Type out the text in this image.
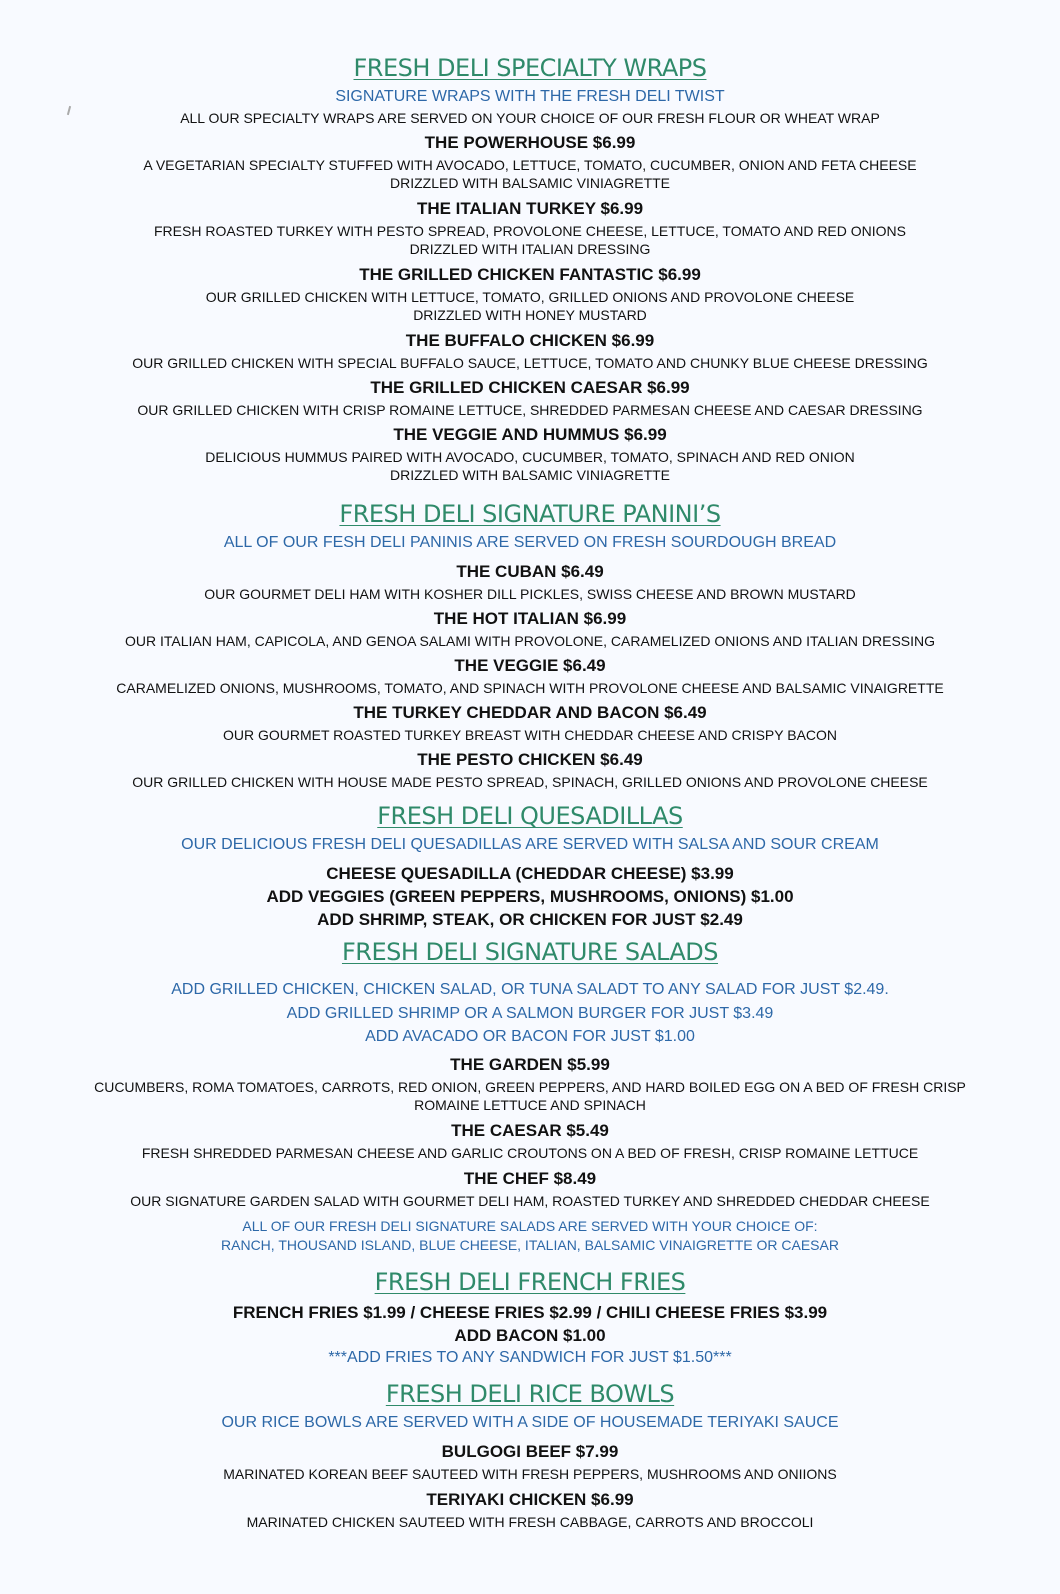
FRESH DELI SPECIALTY WRAPS
SIGNATURE WRAPS WITH THE FRESH DELI TWIST
ALL OUR SPECIALTY WRAPS ARE SERVED ON YOUR CHOICE OF OUR FRESH FLOUR OR WHEAT WRAP
THE POWERHOUSE $6.99
A VEGETARIAN SPECIALTY STUFFED WITH AVOCADO, LETTUCE, TOMATO, CUCUMBER, ONION AND FETA CHEESE
DRIZZLED WITH BALSAMIC VINIAGRETTE
THE ITALIAN TURKEY $6.99
FRESH ROASTED TURKEY WITH PESTO SPREAD, PROVOLONE CHEESE, LETTUCE, TOMATO AND RED ONIONS
DRIZZLED WITH ITALIAN DRESSING
THE GRILLED CHICKEN FANTASTIC $6.99
OUR GRILLED CHICKEN WITH LETTUCE, TOMATO, GRILLED ONIONS AND PROVOLONE CHEESE
DRIZZLED WITH HONEY MUSTARD
THE BUFFALO CHICKEN $6.99
OUR GRILLED CHICKEN WITH SPECIAL BUFFALO SAUCE, LETTUCE, TOMATO AND CHUNKY BLUE CHEESE DRESSING
THE GRILLED CHICKEN CAESAR $6.99
OUR GRILLED CHICKEN WITH CRISP ROMAINE LETTUCE, SHREDDED PARMESAN CHEESE AND CAESAR DRESSING
THE VEGGIE AND HUMMUS $6.99
DELICIOUS HUMMUS PAIRED WITH AVOCADO, CUCUMBER, TOMATO, SPINACH AND RED ONION
DRIZZLED WITH BALSAMIC VINIAGRETTE
FRESH DELI SIGNATURE PANINI’S
ALL OF OUR FESH DELI PANINIS ARE SERVED ON FRESH SOURDOUGH BREAD
THE CUBAN $6.49
OUR GOURMET DELI HAM WITH KOSHER DILL PICKLES, SWISS CHEESE AND BROWN MUSTARD
THE HOT ITALIAN $6.99
OUR ITALIAN HAM, CAPICOLA, AND GENOA SALAMI WITH PROVOLONE, CARAMELIZED ONIONS AND ITALIAN DRESSING
THE VEGGIE $6.49
CARAMELIZED ONIONS, MUSHROOMS, TOMATO, AND SPINACH WITH PROVOLONE CHEESE AND BALSAMIC VINAIGRETTE
THE TURKEY CHEDDAR AND BACON $6.49
OUR GOURMET ROASTED TURKEY BREAST WITH CHEDDAR CHEESE AND CRISPY BACON
THE PESTO CHICKEN $6.49
OUR GRILLED CHICKEN WITH HOUSE MADE PESTO SPREAD, SPINACH, GRILLED ONIONS AND PROVOLONE CHEESE
FRESH DELI QUESADILLAS
OUR DELICIOUS FRESH DELI QUESADILLAS ARE SERVED WITH SALSA AND SOUR CREAM
CHEESE QUESADILLA (CHEDDAR CHEESE) $3.99
ADD VEGGIES (GREEN PEPPERS, MUSHROOMS, ONIONS) $1.00
ADD SHRIMP, STEAK, OR CHICKEN FOR JUST $2.49
FRESH DELI SIGNATURE SALADS
ADD GRILLED CHICKEN, CHICKEN SALAD, OR TUNA SALADT TO ANY SALAD FOR JUST $2.49.
ADD GRILLED SHRIMP OR A SALMON BURGER FOR JUST $3.49
ADD AVACADO OR BACON FOR JUST $1.00
THE GARDEN $5.99
CUCUMBERS, ROMA TOMATOES, CARROTS, RED ONION, GREEN PEPPERS, AND HARD BOILED EGG ON A BED OF FRESH CRISP
ROMAINE LETTUCE AND SPINACH
THE CAESAR $5.49
FRESH SHREDDED PARMESAN CHEESE AND GARLIC CROUTONS ON A BED OF FRESH, CRISP ROMAINE LETTUCE
THE CHEF $8.49
OUR SIGNATURE GARDEN SALAD WITH GOURMET DELI HAM, ROASTED TURKEY AND SHREDDED CHEDDAR CHEESE
ALL OF OUR FRESH DELI SIGNATURE SALADS ARE SERVED WITH YOUR CHOICE OF:
RANCH, THOUSAND ISLAND, BLUE CHEESE, ITALIAN, BALSAMIC VINAIGRETTE OR CAESAR
FRESH DELI FRENCH FRIES
FRENCH FRIES $1.99 / CHEESE FRIES $2.99 / CHILI CHEESE FRIES $3.99
ADD BACON $1.00
***ADD FRIES TO ANY SANDWICH FOR JUST $1.50***
FRESH DELI RICE BOWLS
OUR RICE BOWLS ARE SERVED WITH A SIDE OF HOUSEMADE TERIYAKI SAUCE
BULGOGI BEEF $7.99
MARINATED KOREAN BEEF SAUTEED WITH FRESH PEPPERS, MUSHROOMS AND ONIIONS
TERIYAKI CHICKEN $6.99
MARINATED CHICKEN SAUTEED WITH FRESH CABBAGE, CARROTS AND BROCCOLI
